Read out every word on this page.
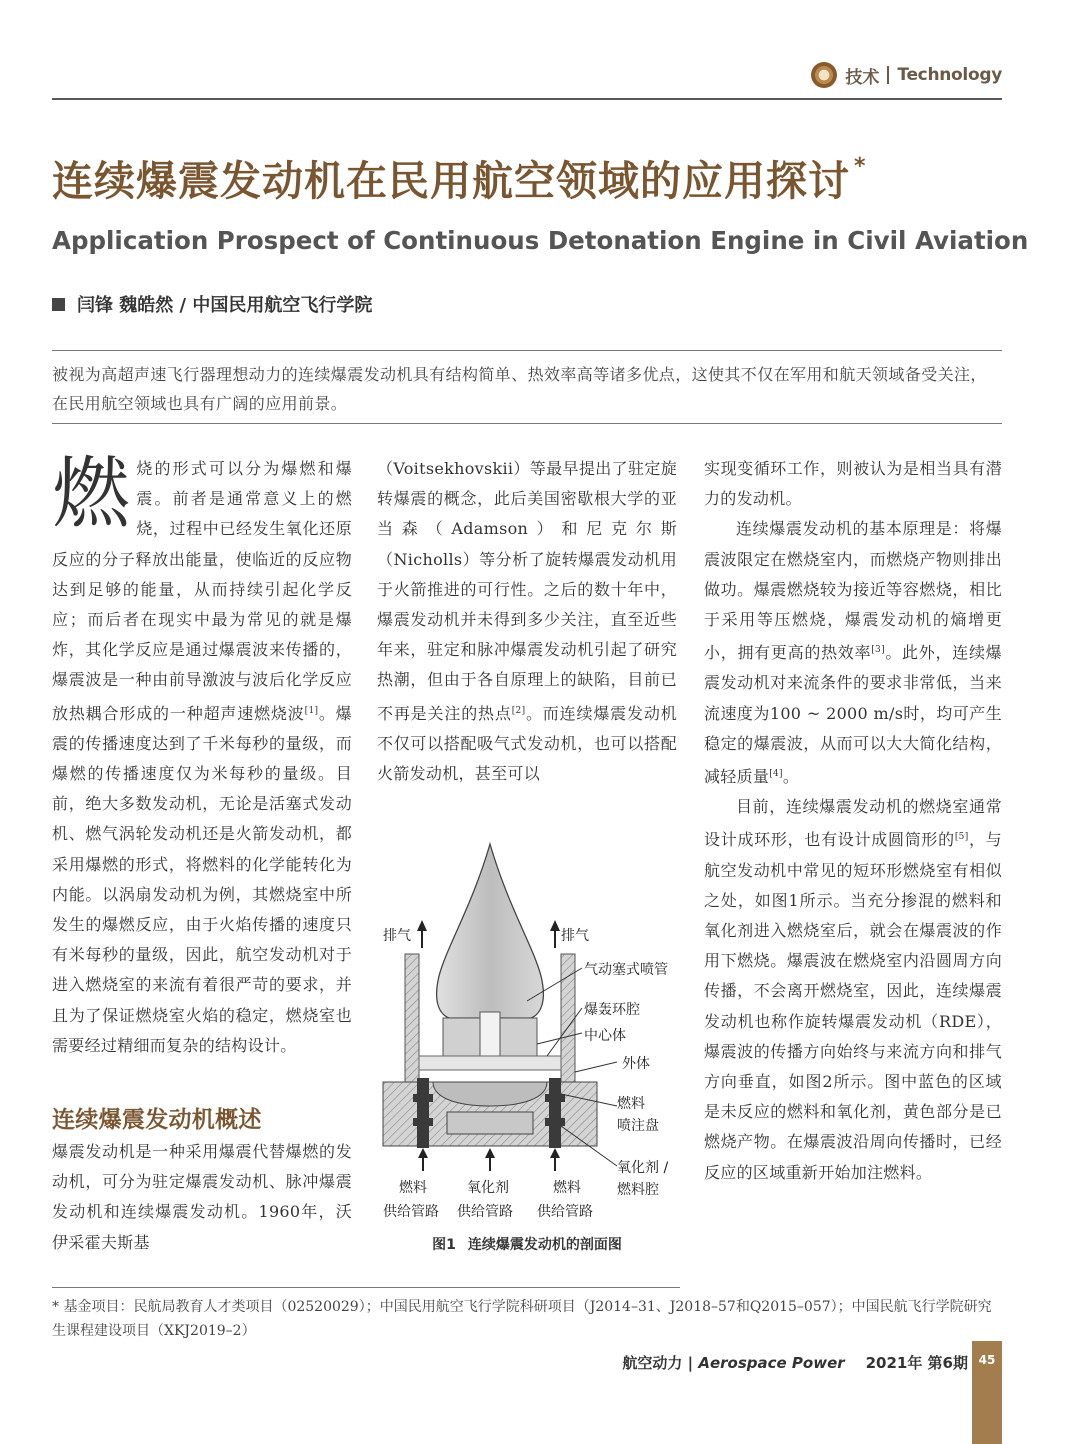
技术 Technology
连续爆震发动机在民用航空领域的应用探讨 *
Application Prospect of Continuous Detonation Engine in Civil Aviation
闫锋 魏皓然 / 中国民用航空飞行学院
被视为高超声速飞行器理想动力的连续爆震发动机具有结构简单、热效率高等诸多优点，这使其不仅在军用和航天领域备受关注，在民用航空领域也具有广阔的应用前景。

燃烧的形式可以分为爆燃和爆震。前者是通常意义上的燃烧，过程中已经发生氧化还原反应的分子释放出能量，使临近的反应物达到足够的能量，从而持续引起化学反应；而后者在现实中最为常见的就是爆炸，其化学反应是通过爆震波来传播的，爆震波是一种由前导激波与波后化学反应放热耦合形成的一种超声速燃烧波[1]。爆震的传播速度达到了千米每秒的量级，而爆燃的传播速度仅为米每秒的量级。目前，绝大多数发动机，无论是活塞式发动机、燃气涡轮发动机还是火箭发动机，都采用爆燃的形式，将燃料的化学能转化为内能。以涡扇发动机为例，其燃烧室中所发生的爆燃反应，由于火焰传播的速度只有米每秒的量级，因此，航空发动机对于进入燃烧室的来流有着很严苛的要求，并且为了保证燃烧室火焰的稳定，燃烧室也需要经过精细而复杂的结构设计。

连续爆震发动机概述

爆震发动机是一种采用爆震代替爆燃的发动机，可分为驻定爆震发动机、脉冲爆震发动机和连续爆震发动机。1960年，沃伊采霍夫斯基

（Voitsekhovskii）等最早提出了驻定旋转爆震的概念，此后美国密歇根大学的亚当森（Adamson）和尼克尔斯（Nicholls）等分析了旋转爆震发动机用于火箭推进的可行性。之后的数十年中，爆震发动机并未得到多少关注，直至近些年来，驻定和脉冲爆震发动机引起了研究热潮，但由于各自原理上的缺陷，目前已不再是关注的热点[2]。而连续爆震发动机不仅可以搭配吸气式发动机，也可以搭配火箭发动机，甚至可以

排气	排气
气动塞式喷管
爆轰环腔
中心体
外体
燃料
喷注盘
氧化剂 /
燃料腔
燃料
供给管路
氧化剂
供给管路
燃料
供给管路
图1 连续爆震发动机的剖面图

实现变循环工作，则被认为是相当具有潜力的发动机。

连续爆震发动机的基本原理是：将爆震波限定在燃烧室内，而燃烧产物则排出做功。爆震燃烧较为接近等容燃烧，相比于采用等压燃烧，爆震发动机的熵增更小，拥有更高的热效率[3]。此外，连续爆震发动机对来流条件的要求非常低，当来流速度为100 ~ 2000 m/s时，均可产生稳定的爆震波，从而可以大大简化结构，减轻质量[4]。

目前，连续爆震发动机的燃烧室通常设计成环形，也有设计成圆筒形的[5]，与航空发动机中常见的短环形燃烧室有相似之处，如图1所示。当充分掺混的燃料和氧化剂进入燃烧室后，就会在爆震波的作用下燃烧。爆震波在燃烧室内沿圆周方向传播，不会离开燃烧室，因此，连续爆震发动机也称作旋转爆震发动机（RDE），爆震波的传播方向始终与来流方向和排气方向垂直，如图2所示。图中蓝色的区域是未反应的燃料和氧化剂，黄色部分是已燃烧产物。在爆震波沿周向传播时，已经反应的区域重新开始加注燃料。

* 基金项目：民航局教育人才类项目（02520029）；中国民用航空飞行学院科研项目（J2014–31、J2018–57和Q2015–057）；中国民航飞行学院研究生课程建设项目（XKJ2019–2）
航空动力 | Aerospace Power 2021年 第6期 45
